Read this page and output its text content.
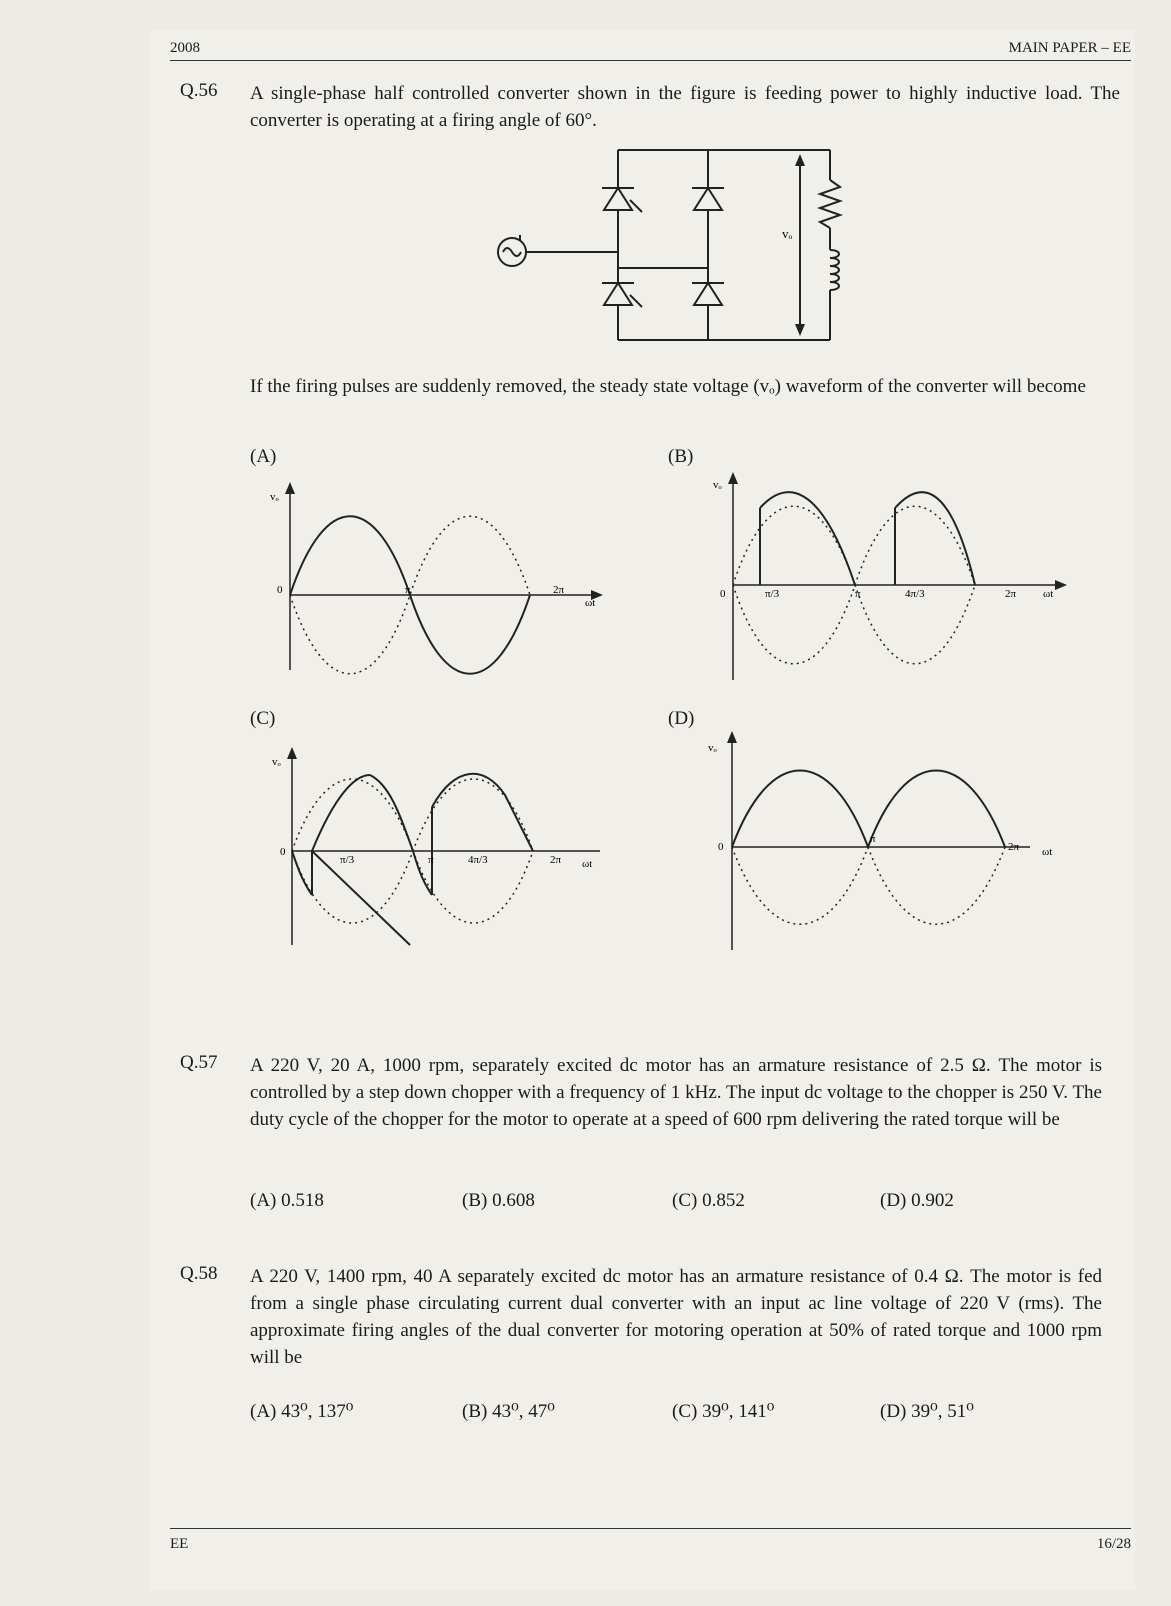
2008	MAIN PAPER – EE
Q.56 A single-phase half controlled converter shown in the figure is feeding power to highly inductive load. The converter is operating at a firing angle of 60°.
vₒ
If the firing pulses are suddenly removed, the steady state voltage (vₒ) waveform of the converter will become
(A)
vₒ
0	π	2π
ωt
(B)
vₒ
0	π/3	π	4π/3	2π ωt
(C)
vₒ
0
π/3	π	4π/3	2π ωt
(D)
vₒ
0
π
2π ωt
Q.57 A 220 V, 20 A, 1000 rpm, separately excited dc motor has an armature resistance of 2.5 Ω. The motor is controlled by a step down chopper with a frequency of 1 kHz. The input dc voltage to the chopper is 250 V. The duty cycle of the chopper for the motor to operate at a speed of 600 rpm delivering the rated torque will be
(A) 0.518	(B) 0.608	(C) 0.852	(D) 0.902
Q.58 A 220 V, 1400 rpm, 40 A separately excited dc motor has an armature resistance of 0.4 Ω. The motor is fed from a single phase circulating current dual converter with an input ac line voltage of 220 V (rms). The approximate firing angles of the dual converter for motoring operation at 50% of rated torque and 1000 rpm will be
(A) 43⁰, 137⁰	(B) 43⁰, 47⁰	(C) 39⁰, 141⁰	(D) 39⁰, 51⁰
EE	16/28
